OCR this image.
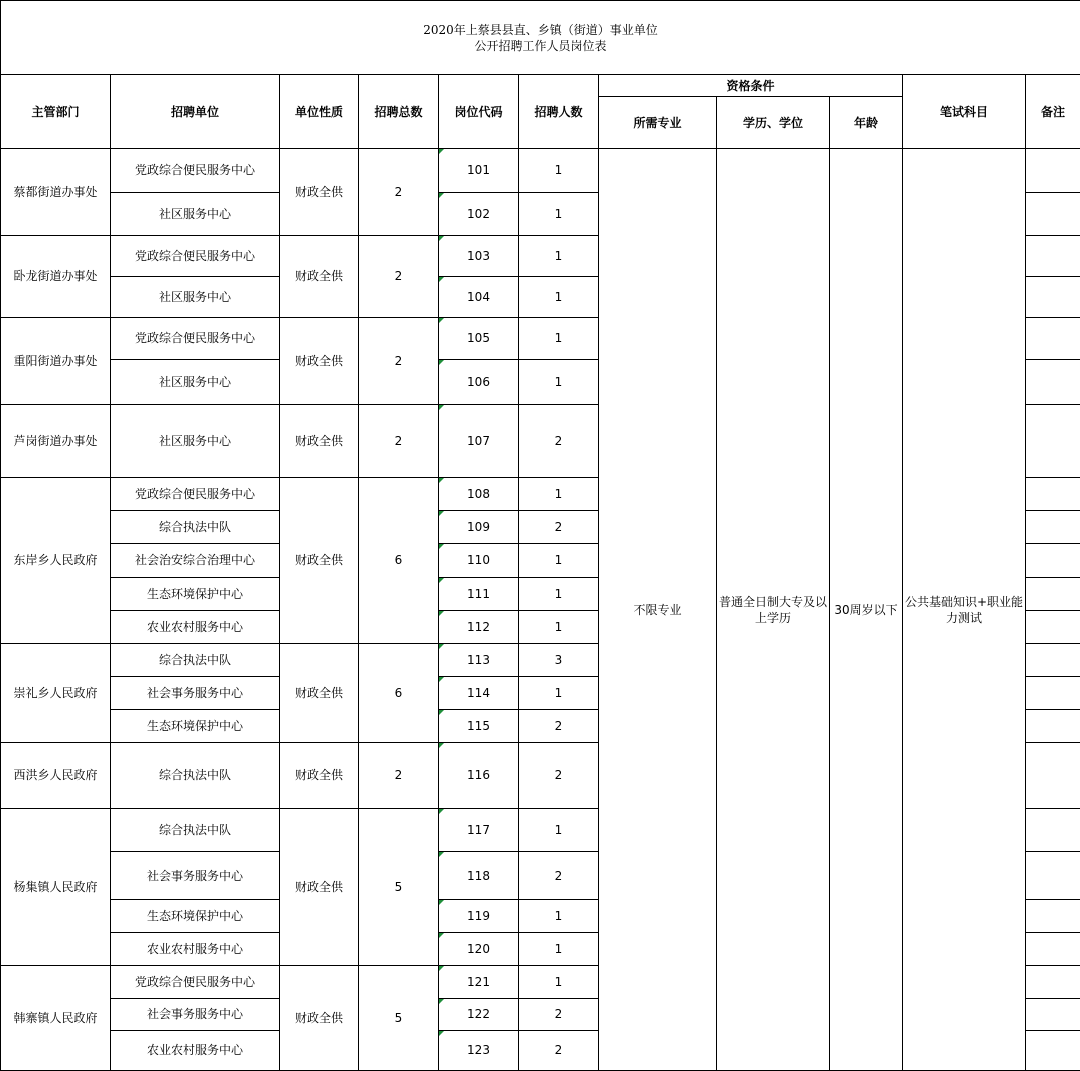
2020年上蔡县县直、乡镇（街道）事业单位
公开招聘工作人员岗位表										

主管部门	招聘单位	单位性质	招聘总数	岗位代码	招聘人数	资格条件			笔试科目	备注
						所需专业	学历、学位	年龄		
蔡都街道办事处	党政综合便民服务中心	财政全供	2	101	1	不限专业	普通全日制大专及以上学历	30周岁以下	公共基础知识+职业能力测试	
	社区服务中心			102	1					
卧龙街道办事处	党政综合便民服务中心	财政全供	2	103	1					
	社区服务中心			104	1					
重阳街道办事处	党政综合便民服务中心	财政全供	2	105	1					
	社区服务中心			106	1					
芦岗街道办事处	社区服务中心	财政全供	2	107	2					
东岸乡人民政府	党政综合便民服务中心	财政全供	6	108	1					
	综合执法中队			109	2					
	社会治安综合治理中心			110	1					
	生态环境保护中心			111	1					
	农业农村服务中心			112	1					
崇礼乡人民政府	综合执法中队	财政全供	6	113	3					
	社会事务服务中心			114	1					
	生态环境保护中心			115	2					
西洪乡人民政府	综合执法中队	财政全供	2	116	2					
杨集镇人民政府	综合执法中队	财政全供	5	117	1					
	社会事务服务中心			118	2					
	生态环境保护中心			119	1					
	农业农村服务中心			120	1					
韩寨镇人民政府	党政综合便民服务中心	财政全供	5	121	1					
	社会事务服务中心			122	2					
	农业农村服务中心			123	2					
